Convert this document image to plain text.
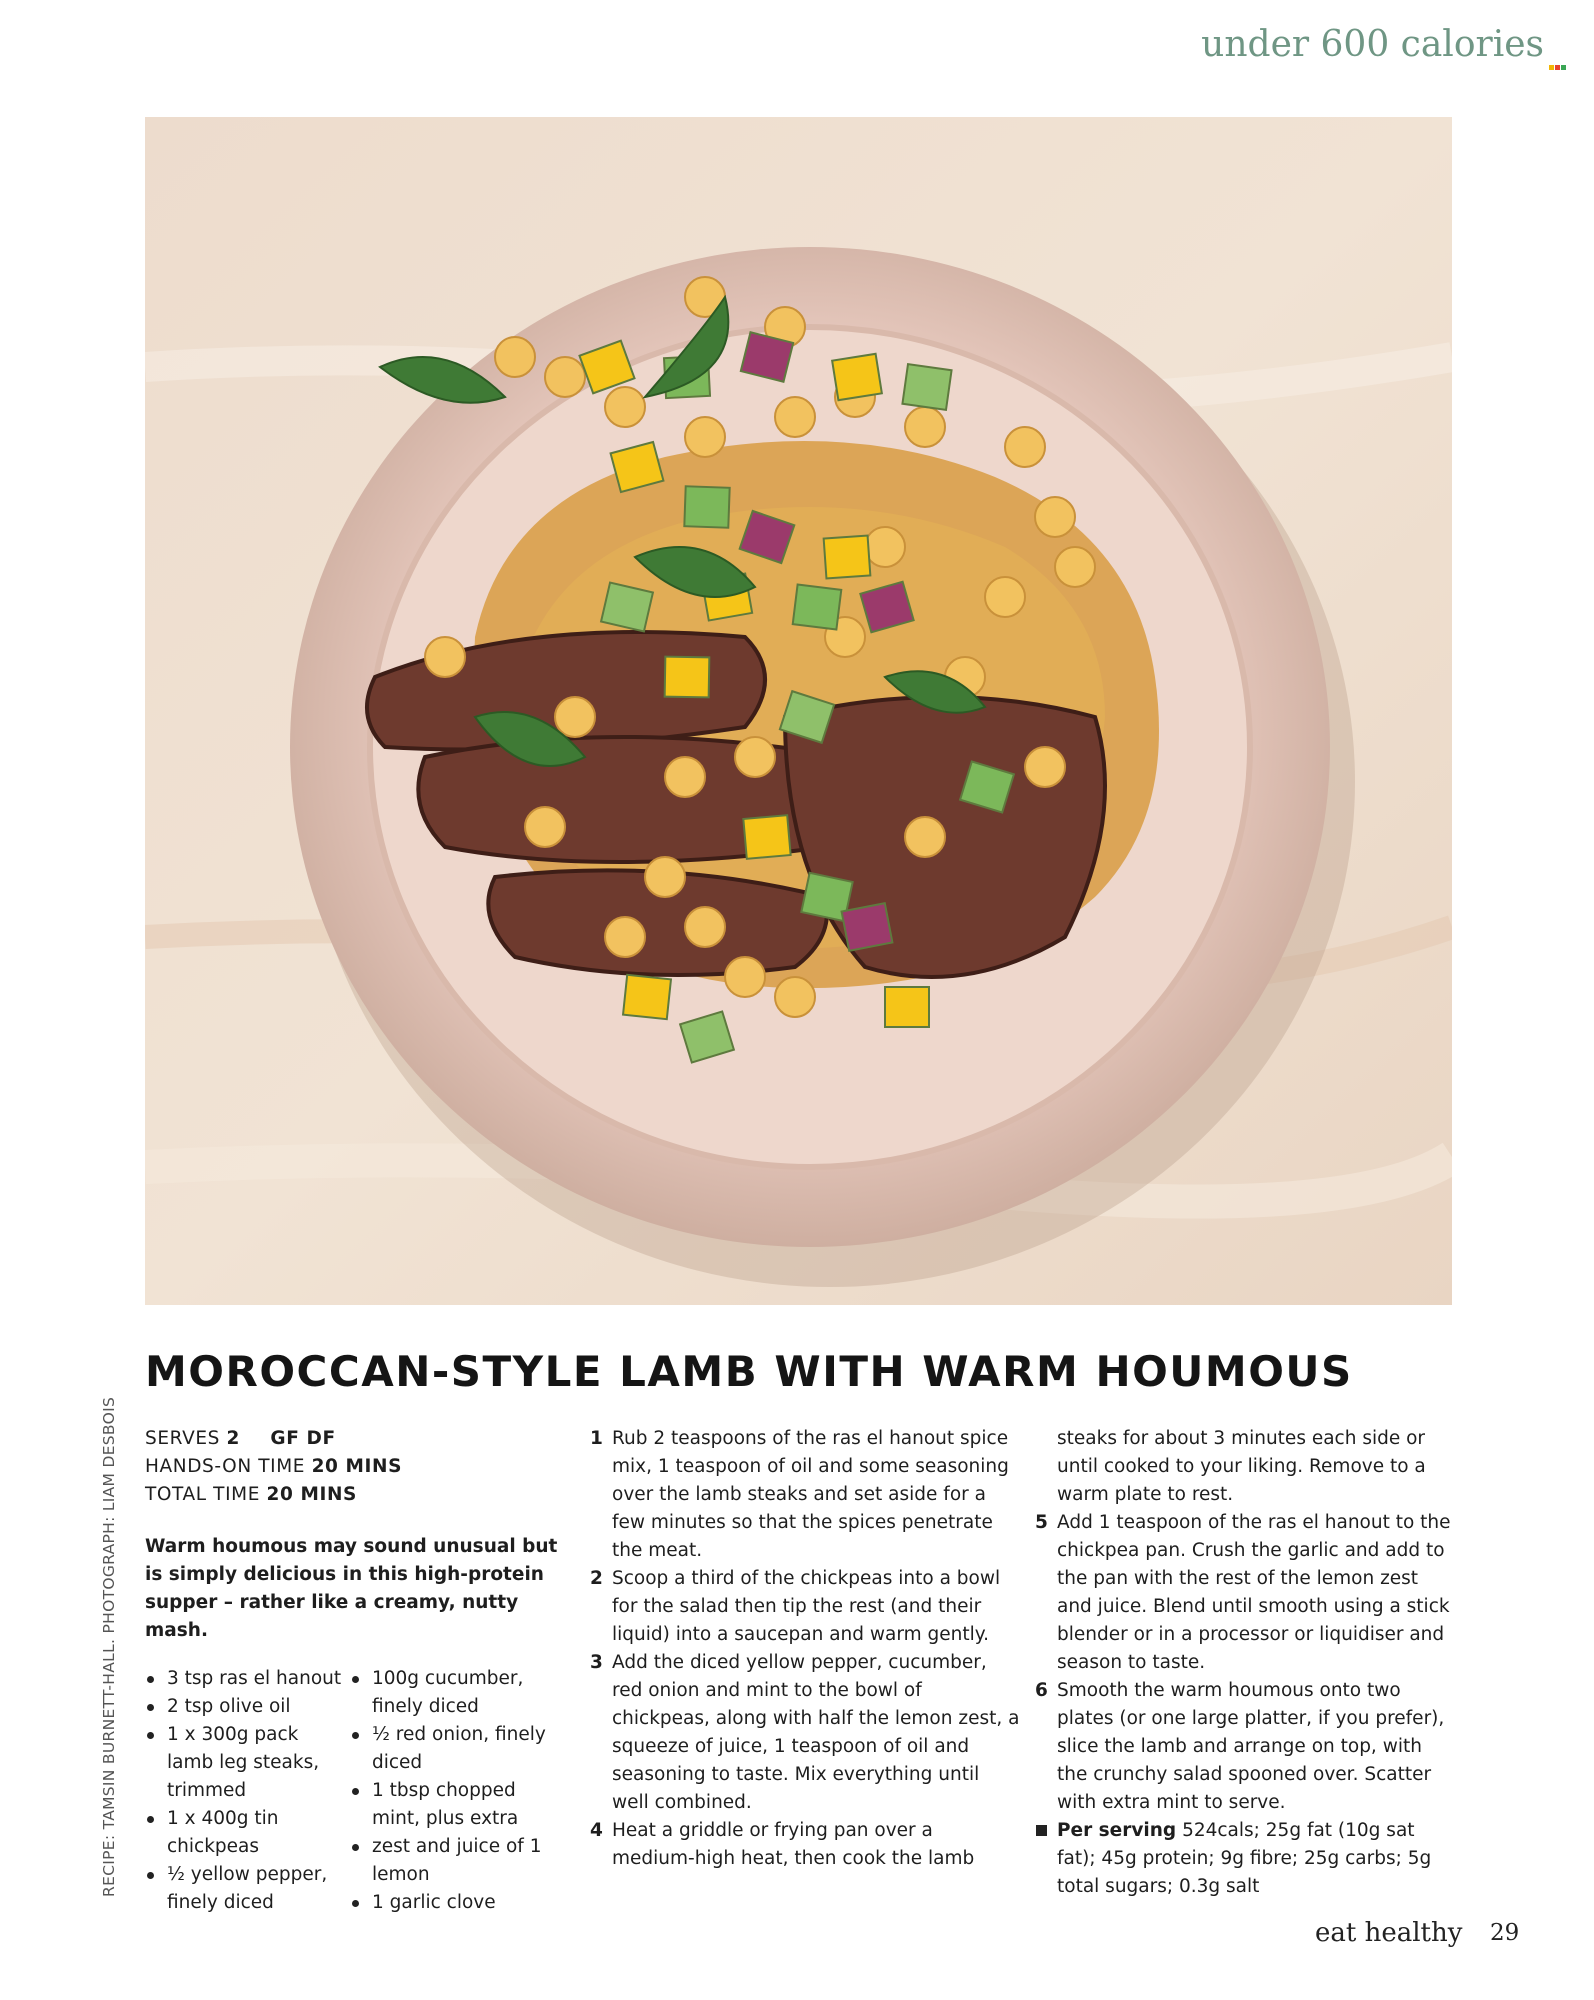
under 600 calories
RECIPE: TAMSIN BURNETT-HALL. PHOTOGRAPH: LIAM DESBOIS
MOROCCAN-STYLE LAMB WITH WARM HOUMOUS
SERVES 2 GF DF
HANDS-ON TIME 20 MINS
TOTAL TIME 20 MINS

Warm houmous may sound unusual but is simply delicious in this high-protein supper – rather like a creamy, nutty mash.

3 tsp ras el hanout
2 tsp olive oil
1 x 300g pack lamb leg steaks, trimmed
1 x 400g tin chickpeas
½ yellow pepper, finely diced
100g cucumber, finely diced
½ red onion, finely diced
1 tbsp chopped mint, plus extra
zest and juice of 1 lemon
1 garlic clove
1 Rub 2 teaspoons of the ras el hanout spice mix, 1 teaspoon of oil and some seasoning over the lamb steaks and set aside for a few minutes so that the spices penetrate the meat.
2 Scoop a third of the chickpeas into a bowl for the salad then tip the rest (and their liquid) into a saucepan and warm gently.
3 Add the diced yellow pepper, cucumber, red onion and mint to the bowl of chickpeas, along with half the lemon zest, a squeeze of juice, 1 teaspoon of oil and seasoning to taste. Mix everything until well combined.
4 Heat a griddle or frying pan over a medium-high heat, then cook the lamb
steaks for about 3 minutes each side or until cooked to your liking. Remove to a warm plate to rest.
5 Add 1 teaspoon of the ras el hanout to the chickpea pan. Crush the garlic and add to the pan with the rest of the lemon zest and juice. Blend until smooth using a stick blender or in a processor or liquidiser and season to taste.
6 Smooth the warm houmous onto two plates (or one large platter, if you prefer), slice the lamb and arrange on top, with the crunchy salad spooned over. Scatter with extra mint to serve.
Per serving 524cals; 25g fat (10g sat fat); 45g protein; 9g fibre; 25g carbs; 5g total sugars; 0.3g salt
eat healthy 29
